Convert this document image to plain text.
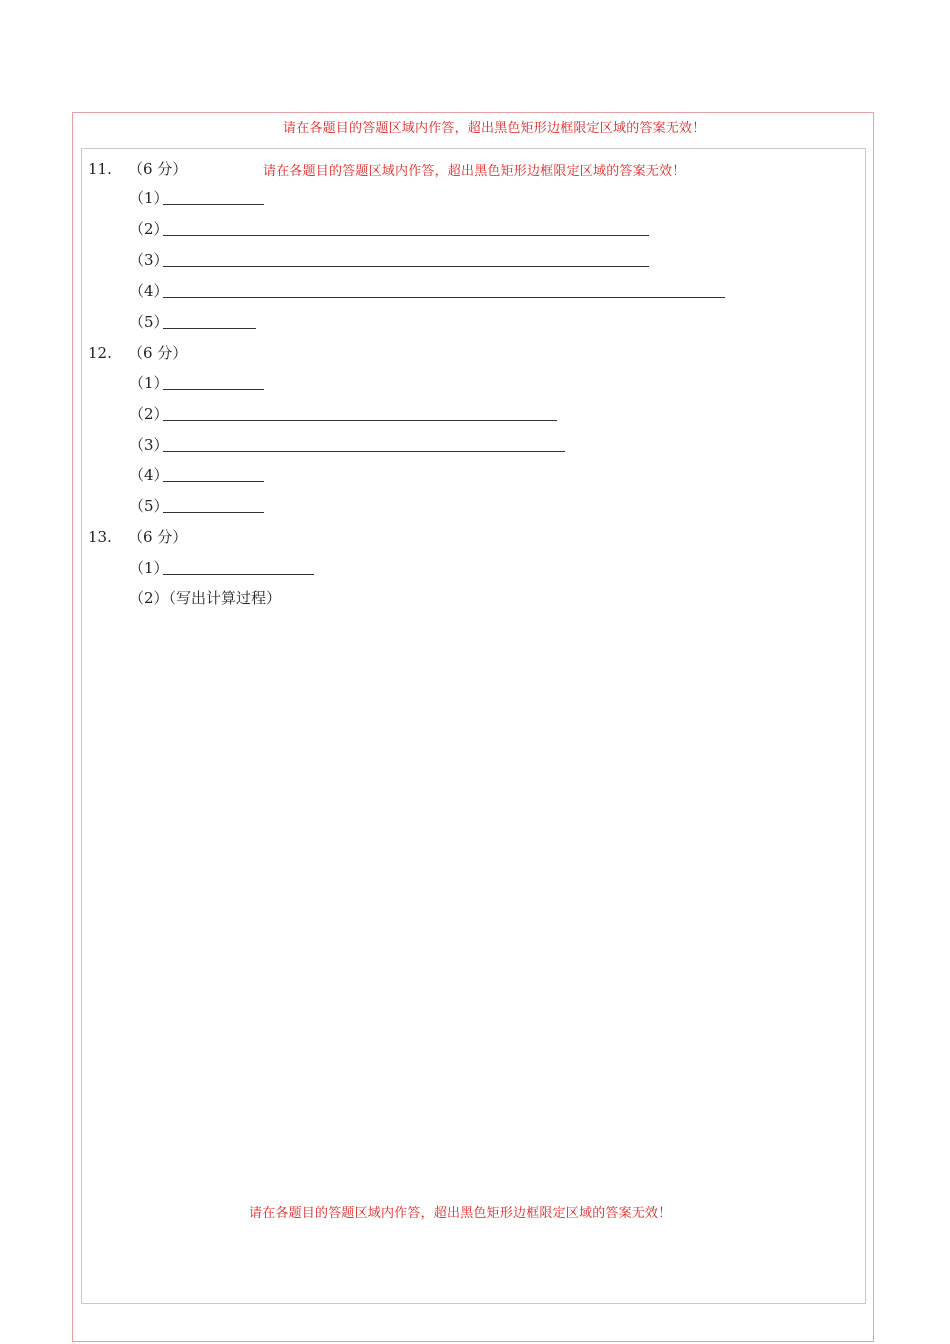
请在各题目的答题区域内作答，超出黑色矩形边框限定区域的答案无效！
请在各题目的答题区域内作答，超出黑色矩形边框限定区域的答案无效！
请在各题目的答题区域内作答，超出黑色矩形边框限定区域的答案无效！
11. （6 分）
（1）
（2）
（3）
（4）
（5）
12. （6 分）
（1）
（2）
（3）
（4）
（5）
13. （6 分）
（1）
（2）（写出计算过程）
